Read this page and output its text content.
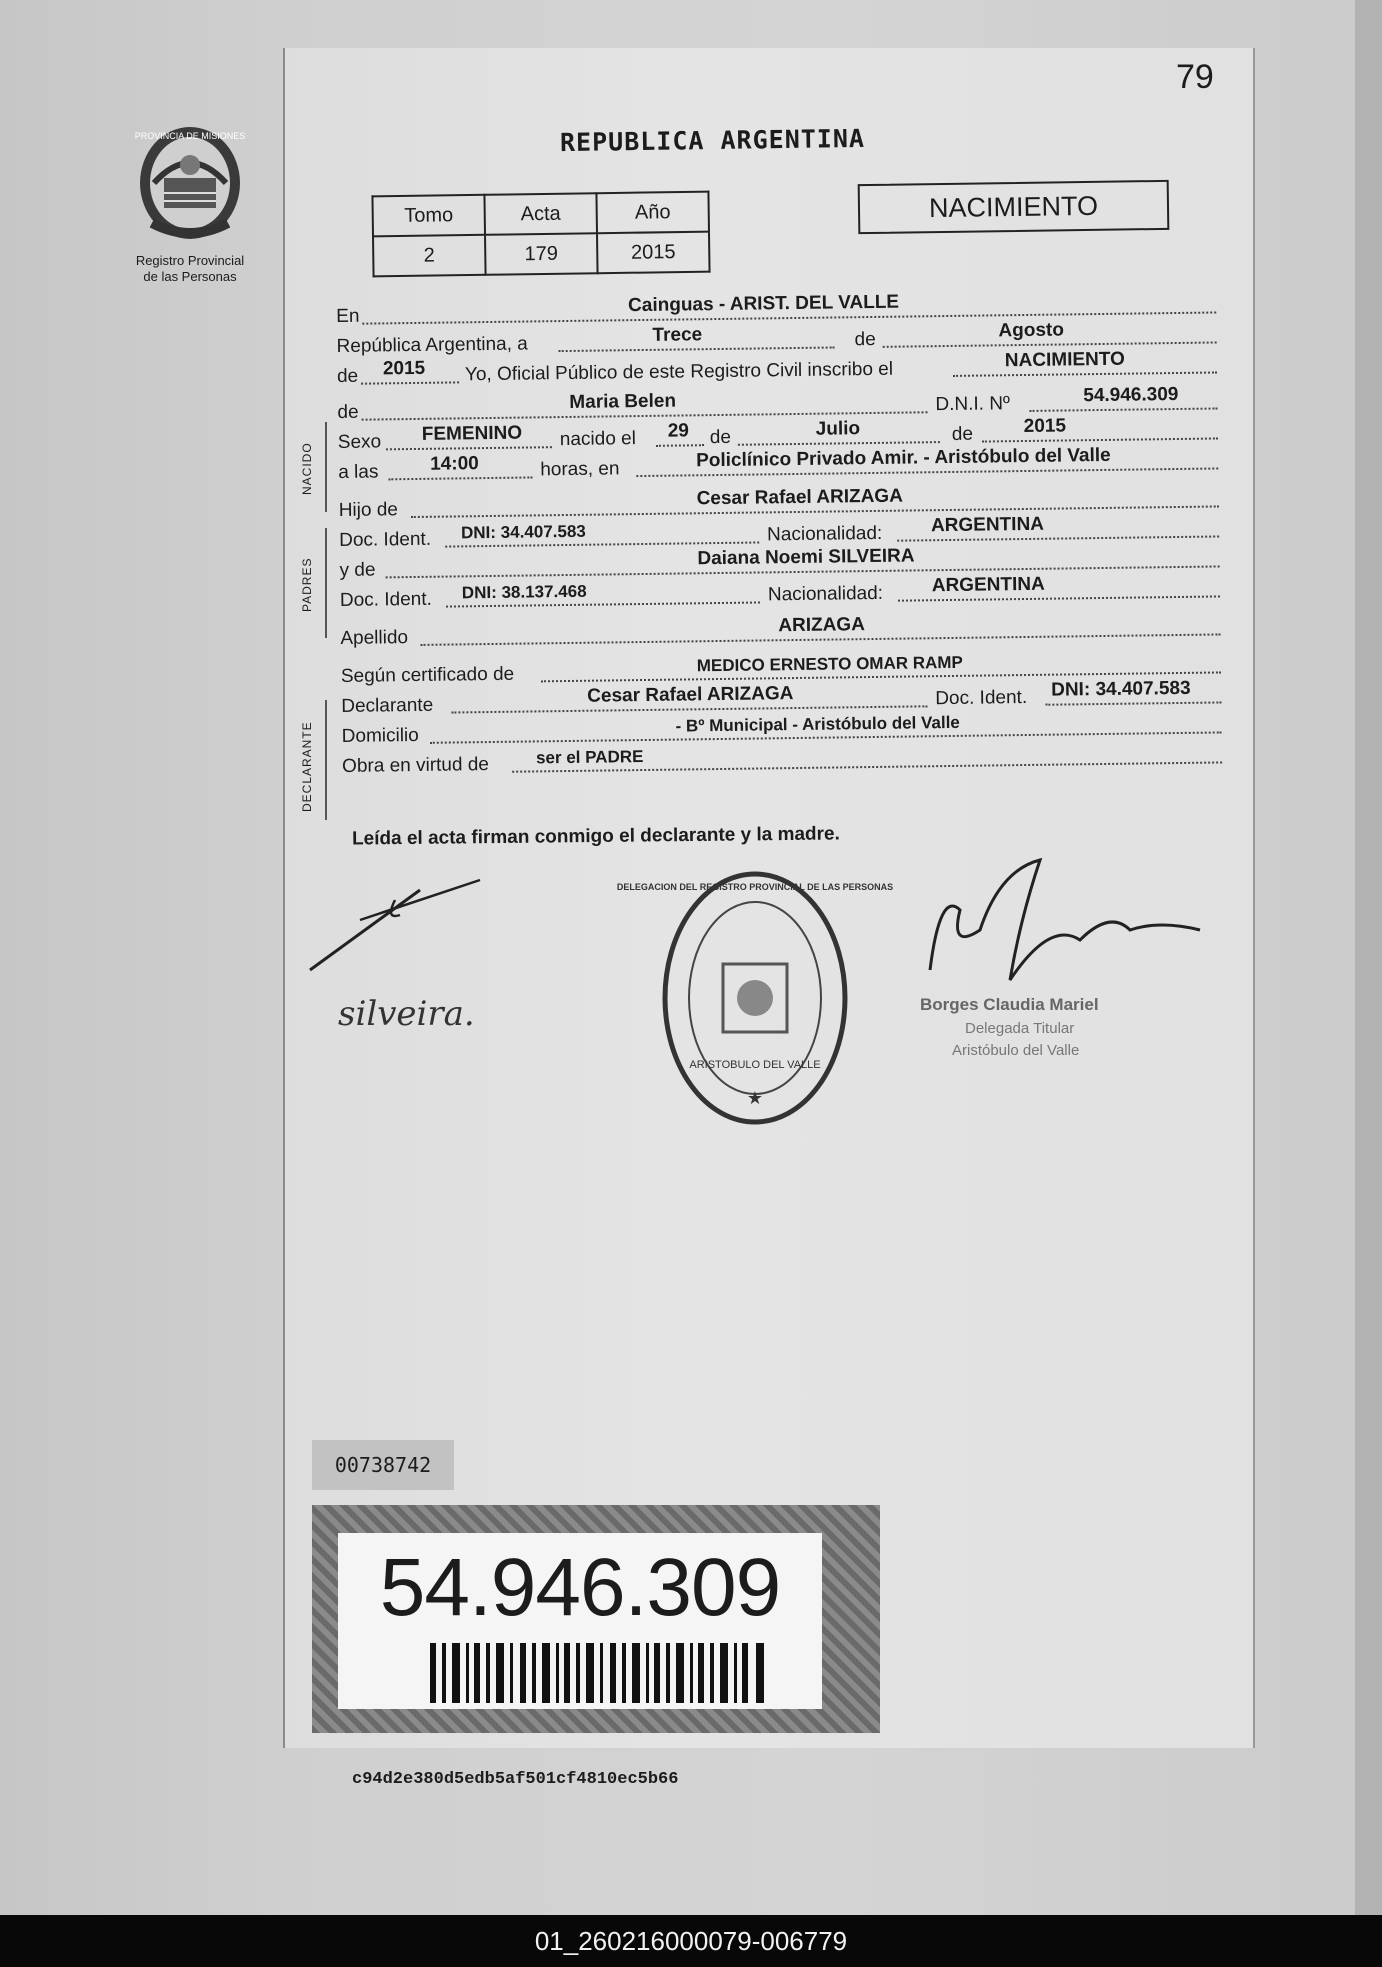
79
PROVINCIA DE MISIONES
Registro Provincial
de las Personas
REPUBLICA ARGENTINA
Tomo	Acta	Año
2	179	2015
NACIMIENTO
NACIDO
PADRES
DECLARANTE
En
Cainguas - ARIST. DEL VALLE
República Argentina, a	Trece	de	Agosto
de 2015 Yo, Oficial Público de este Registro Civil inscribo el	NACIMIENTO
de	Maria Belen	D.N.I. Nº	54.946.309
Sexo FEMENINO nacido el 29 de	Julio	de	2015
a las	14:00	horas, en	Policlínico Privado Amir. - Aristóbulo del Valle
Hijo de
Cesar Rafael ARIZAGA
Doc. Ident. DNI: 34.407.583	Nacionalidad:	ARGENTINA
y de
Daiana Noemi SILVEIRA
Doc. Ident. DNI: 38.137.468	Nacionalidad:	ARGENTINA
Apellido
ARIZAGA
Según certificado de	MEDICO ERNESTO OMAR RAMP
Declarante	Cesar Rafael ARIZAGA	Doc. Ident. DNI: 34.407.583
Domicilio
- Bº Municipal - Aristóbulo del Valle
Obra en virtud de	ser el PADRE
Leída el acta firman conmigo el declarante y la madre.
silveira.
★
DELEGACION DEL REGISTRO PROVINCIAL DE LAS PERSONAS
ARISTOBULO DEL VALLE
Borges Claudia Mariel
Delegada Titular
Aristóbulo del Valle
00738742
54.946.309
c94d2e380d5edb5af501cf4810ec5b66
01_260216000079-006779
